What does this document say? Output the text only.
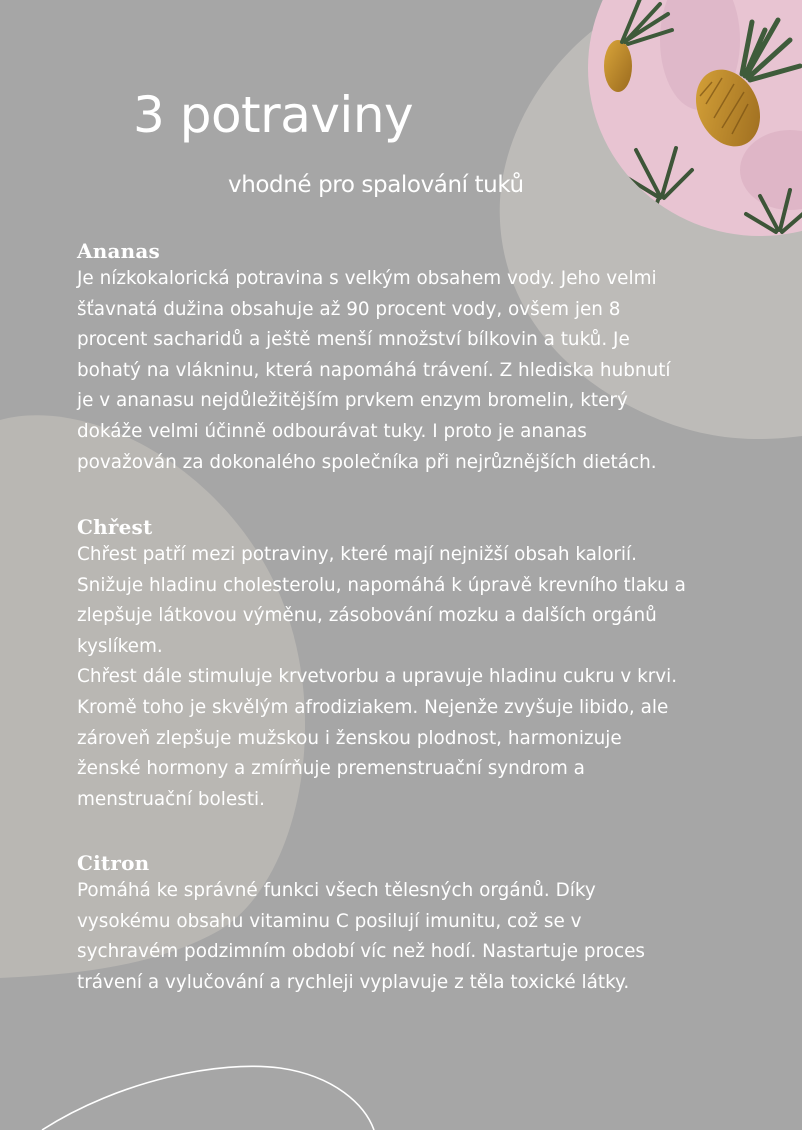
3 potraviny
vhodné pro spalování tuků
Ananas

Je nízkokalorická potravina s velkým obsahem vody. Jeho velmi

šťavnatá dužina obsahuje až 90 procent vody, ovšem jen 8

procent sacharidů a ještě menší množství bílkovin a tuků. Je

bohatý na vlákninu, která napomáhá trávení. Z hlediska hubnutí

je v ananasu nejdůležitějším prvkem enzym bromelin, který

dokáže velmi účinně odbourávat tuky. I proto je ananas

považován za dokonalého společníka při nejrůznějších dietách.

Chřest

Chřest patří mezi potraviny, které mají nejnižší obsah kalorií.

Snižuje hladinu cholesterolu, napomáhá k úpravě krevního tlaku a

zlepšuje látkovou výměnu, zásobování mozku a dalších orgánů

kyslíkem.

Chřest dále stimuluje krvetvorbu a upravuje hladinu cukru v krvi.

Kromě toho je skvělým afrodiziakem. Nejenže zvyšuje libido, ale

zároveň zlepšuje mužskou i ženskou plodnost, harmonizuje

ženské hormony a zmírňuje premenstruační syndrom a

menstruační bolesti.

Citron

Pomáhá ke správné funkci všech tělesných orgánů. Díky

vysokému obsahu vitaminu C posilují imunitu, což se v

sychravém podzimním období víc než hodí. Nastartuje proces

trávení a vylučování a rychleji vyplavuje z těla toxické látky.
